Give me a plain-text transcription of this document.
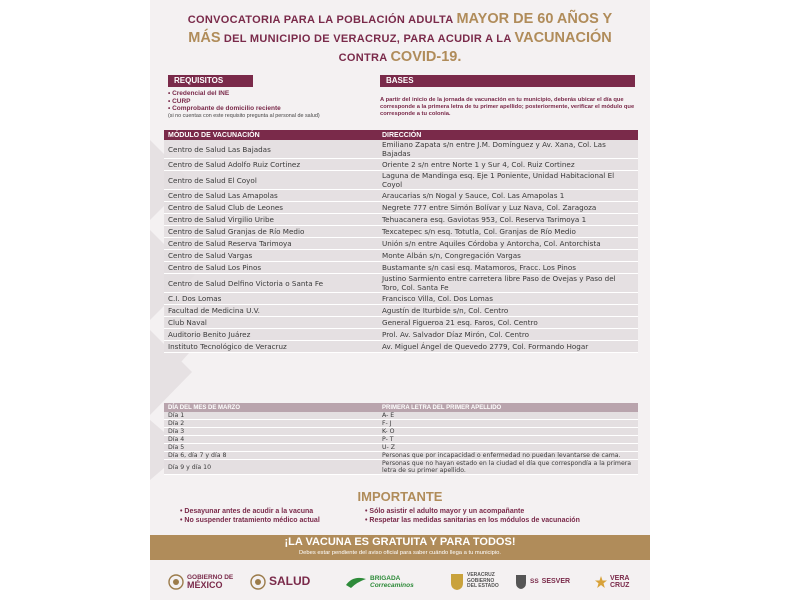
CONVOCATORIA PARA LA POBLACIÓN ADULTA MAYOR DE 60 AÑOS Y
MÁS DEL MUNICIPIO DE VERACRUZ, PARA ACUDIR A LA VACUNACIÓN
CONTRA COVID-19.
REQUISITOS	BASES
• Credencial del INE
• CURP
• Comprobante de domicilio reciente
(si no cuentas con este requisito pregunta al personal de salud)
A partir del inicio de la jornada de vacunación en tu municipio, deberás ubicar el día que corresponde a la primera letra de tu primer apellido; posteriormente, verificar el módulo que corresponde a tu colonia.
MÓDULO DE VACUNACIÓN	DIRECCIÓN
Centro de Salud Las Bajadas	Emiliano Zapata s/n entre J.M. Domínguez y Av. Xana, Col. Las Bajadas
Centro de Salud Adolfo Ruiz Cortinez	Oriente 2 s/n entre Norte 1 y Sur 4, Col. Ruiz Cortinez
Centro de Salud El Coyol	Laguna de Mandinga esq. Eje 1 Poniente, Unidad Habitacional El Coyol
Centro de Salud Las Amapolas	Araucarias s/n Nogal y Sauce, Col. Las Amapolas 1
Centro de Salud Club de Leones	Negrete 777 entre Simón Bolívar y Luz Nava, Col. Zaragoza
Centro de Salud Virgilio Uribe	Tehuacanera esq. Gaviotas 953, Col. Reserva Tarimoya 1
Centro de Salud Granjas de Río Medio	Texcatepec s/n esq. Totutla, Col. Granjas de Río Medio
Centro de Salud Reserva Tarimoya	Unión s/n entre Aquiles Córdoba y Antorcha, Col. Antorchista
Centro de Salud Vargas	Monte Albán s/n, Congregación Vargas
Centro de Salud Los Pinos	Bustamante s/n casi esq. Matamoros, Fracc. Los Pinos
Centro de Salud Delfino Victoria o Santa Fe	Justino Sarmiento entre carretera libre Paso de Ovejas y Paso del Toro, Col. Santa Fe
C.I. Dos Lomas	Francisco Villa, Col. Dos Lomas
Facultad de Medicina U.V.	Agustín de Iturbide s/n, Col. Centro
Club Naval	General Figueroa 21 esq. Faros, Col. Centro
Auditorio Benito Juárez	Prol. Av. Salvador Díaz Mirón, Col. Centro
Instituto Tecnológico de Veracruz	Av. Miguel Ángel de Quevedo 2779, Col. Formando Hogar
DÍA DEL MES DE MARZO	PRIMERA LETRA DEL PRIMER APELLIDO
Día 1	A- E
Día 2	F- J
Día 3	K- O
Día 4	P- T
Día 5	U- Z
Día 6, día 7 y día 8	Personas que por incapacidad o enfermedad no puedan levantarse de cama.
Día 9 y día 10	Personas que no hayan estado en la ciudad el día que correspondía a la primera letra de su primer apellido.
IMPORTANTE
• Desayunar antes de acudir a la vacuna
• No suspender tratamiento médico actual
• Sólo asistir el adulto mayor y un acompañante
• Respetar las medidas sanitarias en los módulos de vacunación
¡LA VACUNA ES GRATUITA Y PARA TODOS!
Debes estar pendiente del aviso oficial para saber cuándo llega a tu municipio.
GOBIERNO DE
MÉXICO	SALUD	BRIGADA
Correcaminos
VERACRUZ
GOBIERNO
DEL ESTADO
SS SESVER	VERA
CRUZ
